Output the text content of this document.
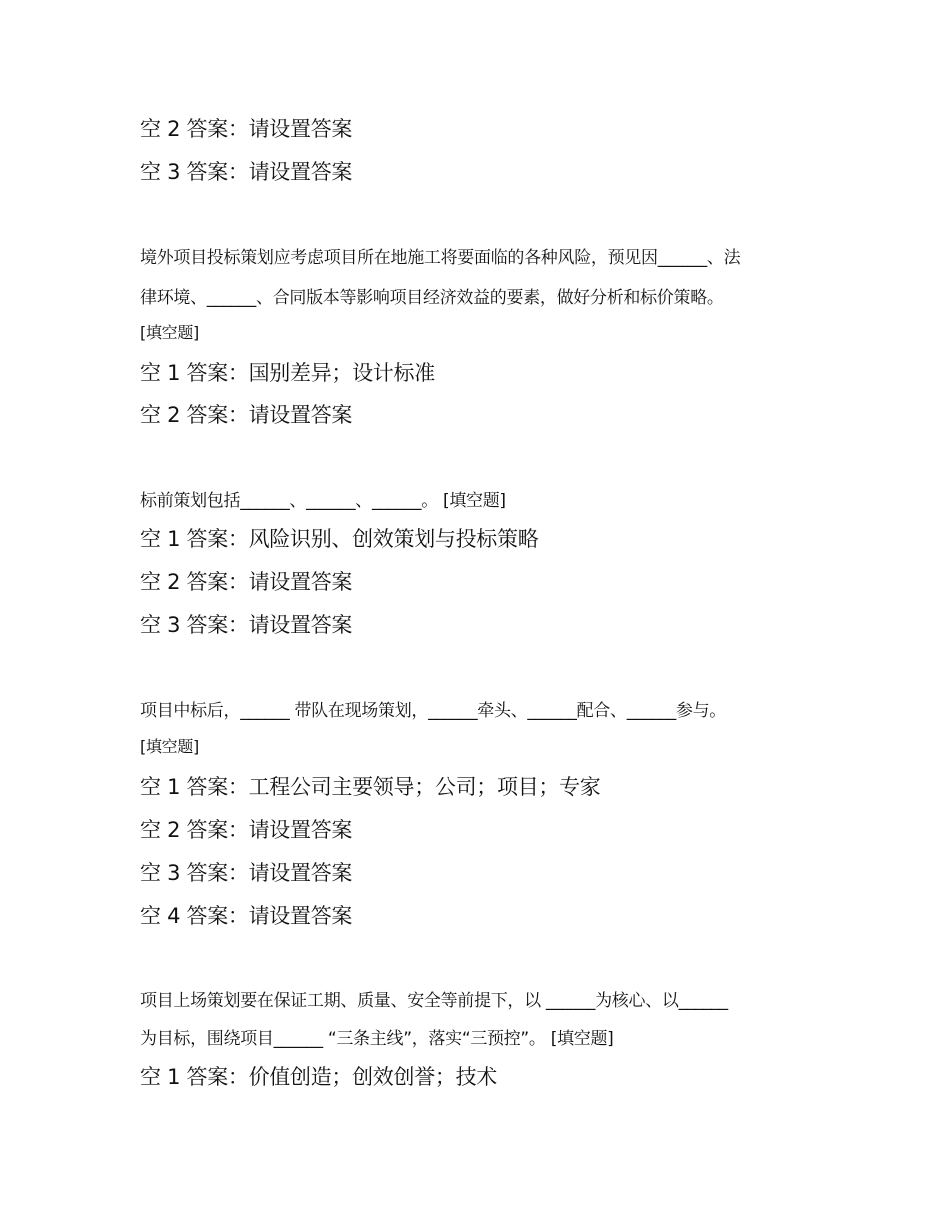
空 2 答案：请设置答案
空 3 答案：请设置答案
境外项目投标策划应考虑项目所在地施工将要面临的各种风险，预见因______、法
律环境、______、合同版本等影响项目经济效益的要素，做好分析和标价策略。
[填空题]
空 1 答案：国别差异；设计标准
空 2 答案：请设置答案
标前策划包括______、______、______。 [填空题]
空 1 答案：风险识别、创效策划与投标策略
空 2 答案：请设置答案
空 3 答案：请设置答案
项目中标后，______ 带队在现场策划，______牵头、______配合、______参与。
[填空题]
空 1 答案：工程公司主要领导；公司；项目；专家
空 2 答案：请设置答案
空 3 答案：请设置答案
空 4 答案：请设置答案
项目上场策划要在保证工期、质量、安全等前提下，以 ______为核心、以______
为目标，围绕项目______ “三条主线”，落实“三预控”。 [填空题]
空 1 答案：价值创造；创效创誉；技术
